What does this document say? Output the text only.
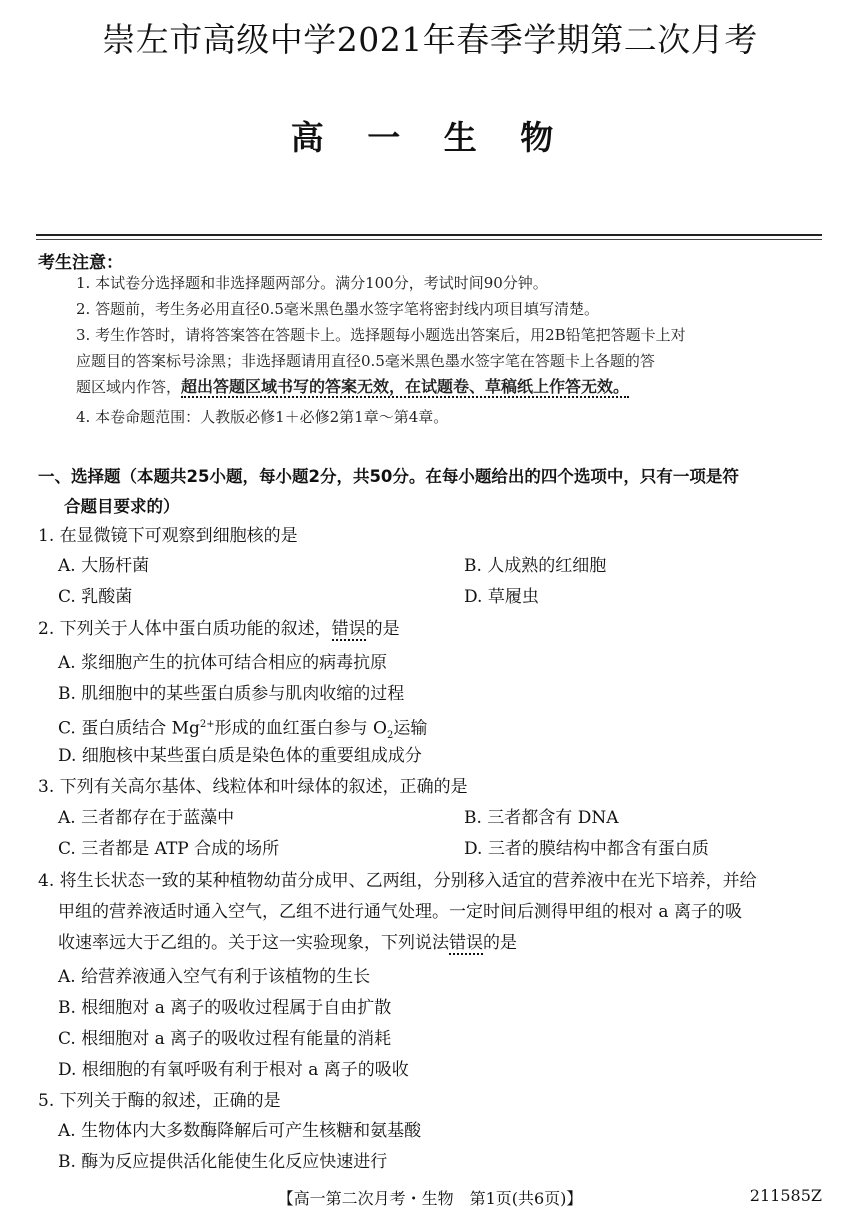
崇左市高级中学2021年春季学期第二次月考
高 一 生 物
考生注意：
1. 本试卷分选择题和非选择题两部分。满分100分，考试时间90分钟。
2. 答题前，考生务必用直径0.5毫米黑色墨水签字笔将密封线内项目填写清楚。
3. 考生作答时，请将答案答在答题卡上。选择题每小题选出答案后，用2B铅笔把答题卡上对
应题目的答案标号涂黑；非选择题请用直径0.5毫米黑色墨水签字笔在答题卡上各题的答
题区域内作答，超出答题区域书写的答案无效，在试题卷、草稿纸上作答无效。
4. 本卷命题范围：人教版必修1＋必修2第1章～第4章。
一、选择题（本题共25小题，每小题2分，共50分。在每小题给出的四个选项中，只有一项是符
合题目要求的）
1. 在显微镜下可观察到细胞核的是
A. 大肠杆菌	B. 人成熟的红细胞
C. 乳酸菌	D. 草履虫
2. 下列关于人体中蛋白质功能的叙述，错误的是
A. 浆细胞产生的抗体可结合相应的病毒抗原
B. 肌细胞中的某些蛋白质参与肌肉收缩的过程
C. 蛋白质结合 $Mg^{2+}$形成的血红蛋白参与 $O_2$运输
D. 细胞核中某些蛋白质是染色体的重要组成成分
3. 下列有关高尔基体、线粒体和叶绿体的叙述，正确的是
A. 三者都存在于蓝藻中	B. 三者都含有 DNA
C. 三者都是 ATP 合成的场所	D. 三者的膜结构中都含有蛋白质
4. 将生长状态一致的某种植物幼苗分成甲、乙两组，分别移入适宜的营养液中在光下培养，并给
甲组的营养液适时通入空气，乙组不进行通气处理。一定时间后测得甲组的根对 a 离子的吸
收速率远大于乙组的。关于这一实验现象，下列说法错误的是
A. 给营养液通入空气有利于该植物的生长
B. 根细胞对 a 离子的吸收过程属于自由扩散
C. 根细胞对 a 离子的吸收过程有能量的消耗
D. 根细胞的有氧呼吸有利于根对 a 离子的吸收
5. 下列关于酶的叙述，正确的是
A. 生物体内大多数酶降解后可产生核糖和氨基酸
B. 酶为反应提供活化能使生化反应快速进行
【高一第二次月考・生物　第1页(共6页)】	211585Z
